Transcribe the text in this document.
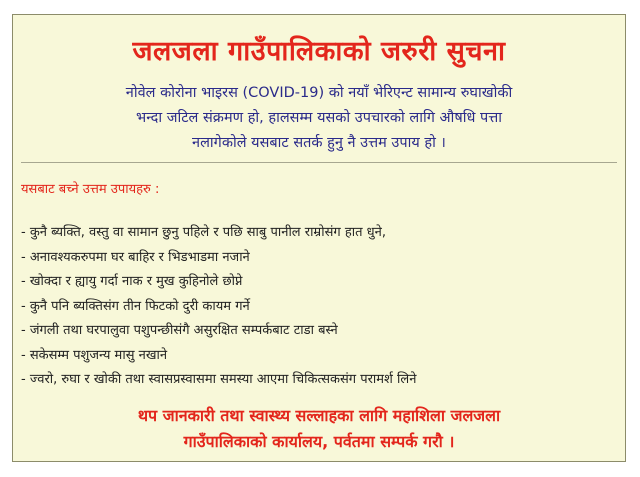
जलजला गाउँपालिकाको जरुरी सुचना
नोवेल कोरोना भाइरस (COVID-19) को नयाँ भेरिएन्ट सामान्य रुघाखोकी
भन्दा जटिल संक्रमण हो, हालसम्म यसको उपचारको लागि औषधि पत्ता
नलागेकोले यसबाट सतर्क हुनु नै उत्तम उपाय हो ।
यसबाट बच्ने उत्तम उपायहरु :
- कुनै ब्यक्ति, वस्तु वा सामान छुनु पहिले र पछि साबु पानील राम्रोसंग हात धुने,
- अनावश्यकरुपमा घर बाहिर र भिडभाडमा नजाने
- खोक्दा र ह्यायु गर्दा नाक र मुख कुहिनोले छोप्ने
- कुनै पनि ब्यक्तिसंग तीन फिटको दुरी कायम गर्ने
- जंगली तथा घरपालुवा पशुपन्छीसंगै असुरक्षित सम्पर्कबाट टाडा बस्ने
- सकेसम्म पशुजन्य मासु नखाने
- ज्वरो, रुघा र खोकी तथा स्वासप्रस्वासमा समस्या आएमा चिकित्सकसंग परामर्श लिने
थप जानकारी तथा स्वास्थ्य सल्लाहका लागि महाशिला जलजला
गाउँपालिकाको कार्यालय, पर्वतमा सम्पर्क गरौ ।
